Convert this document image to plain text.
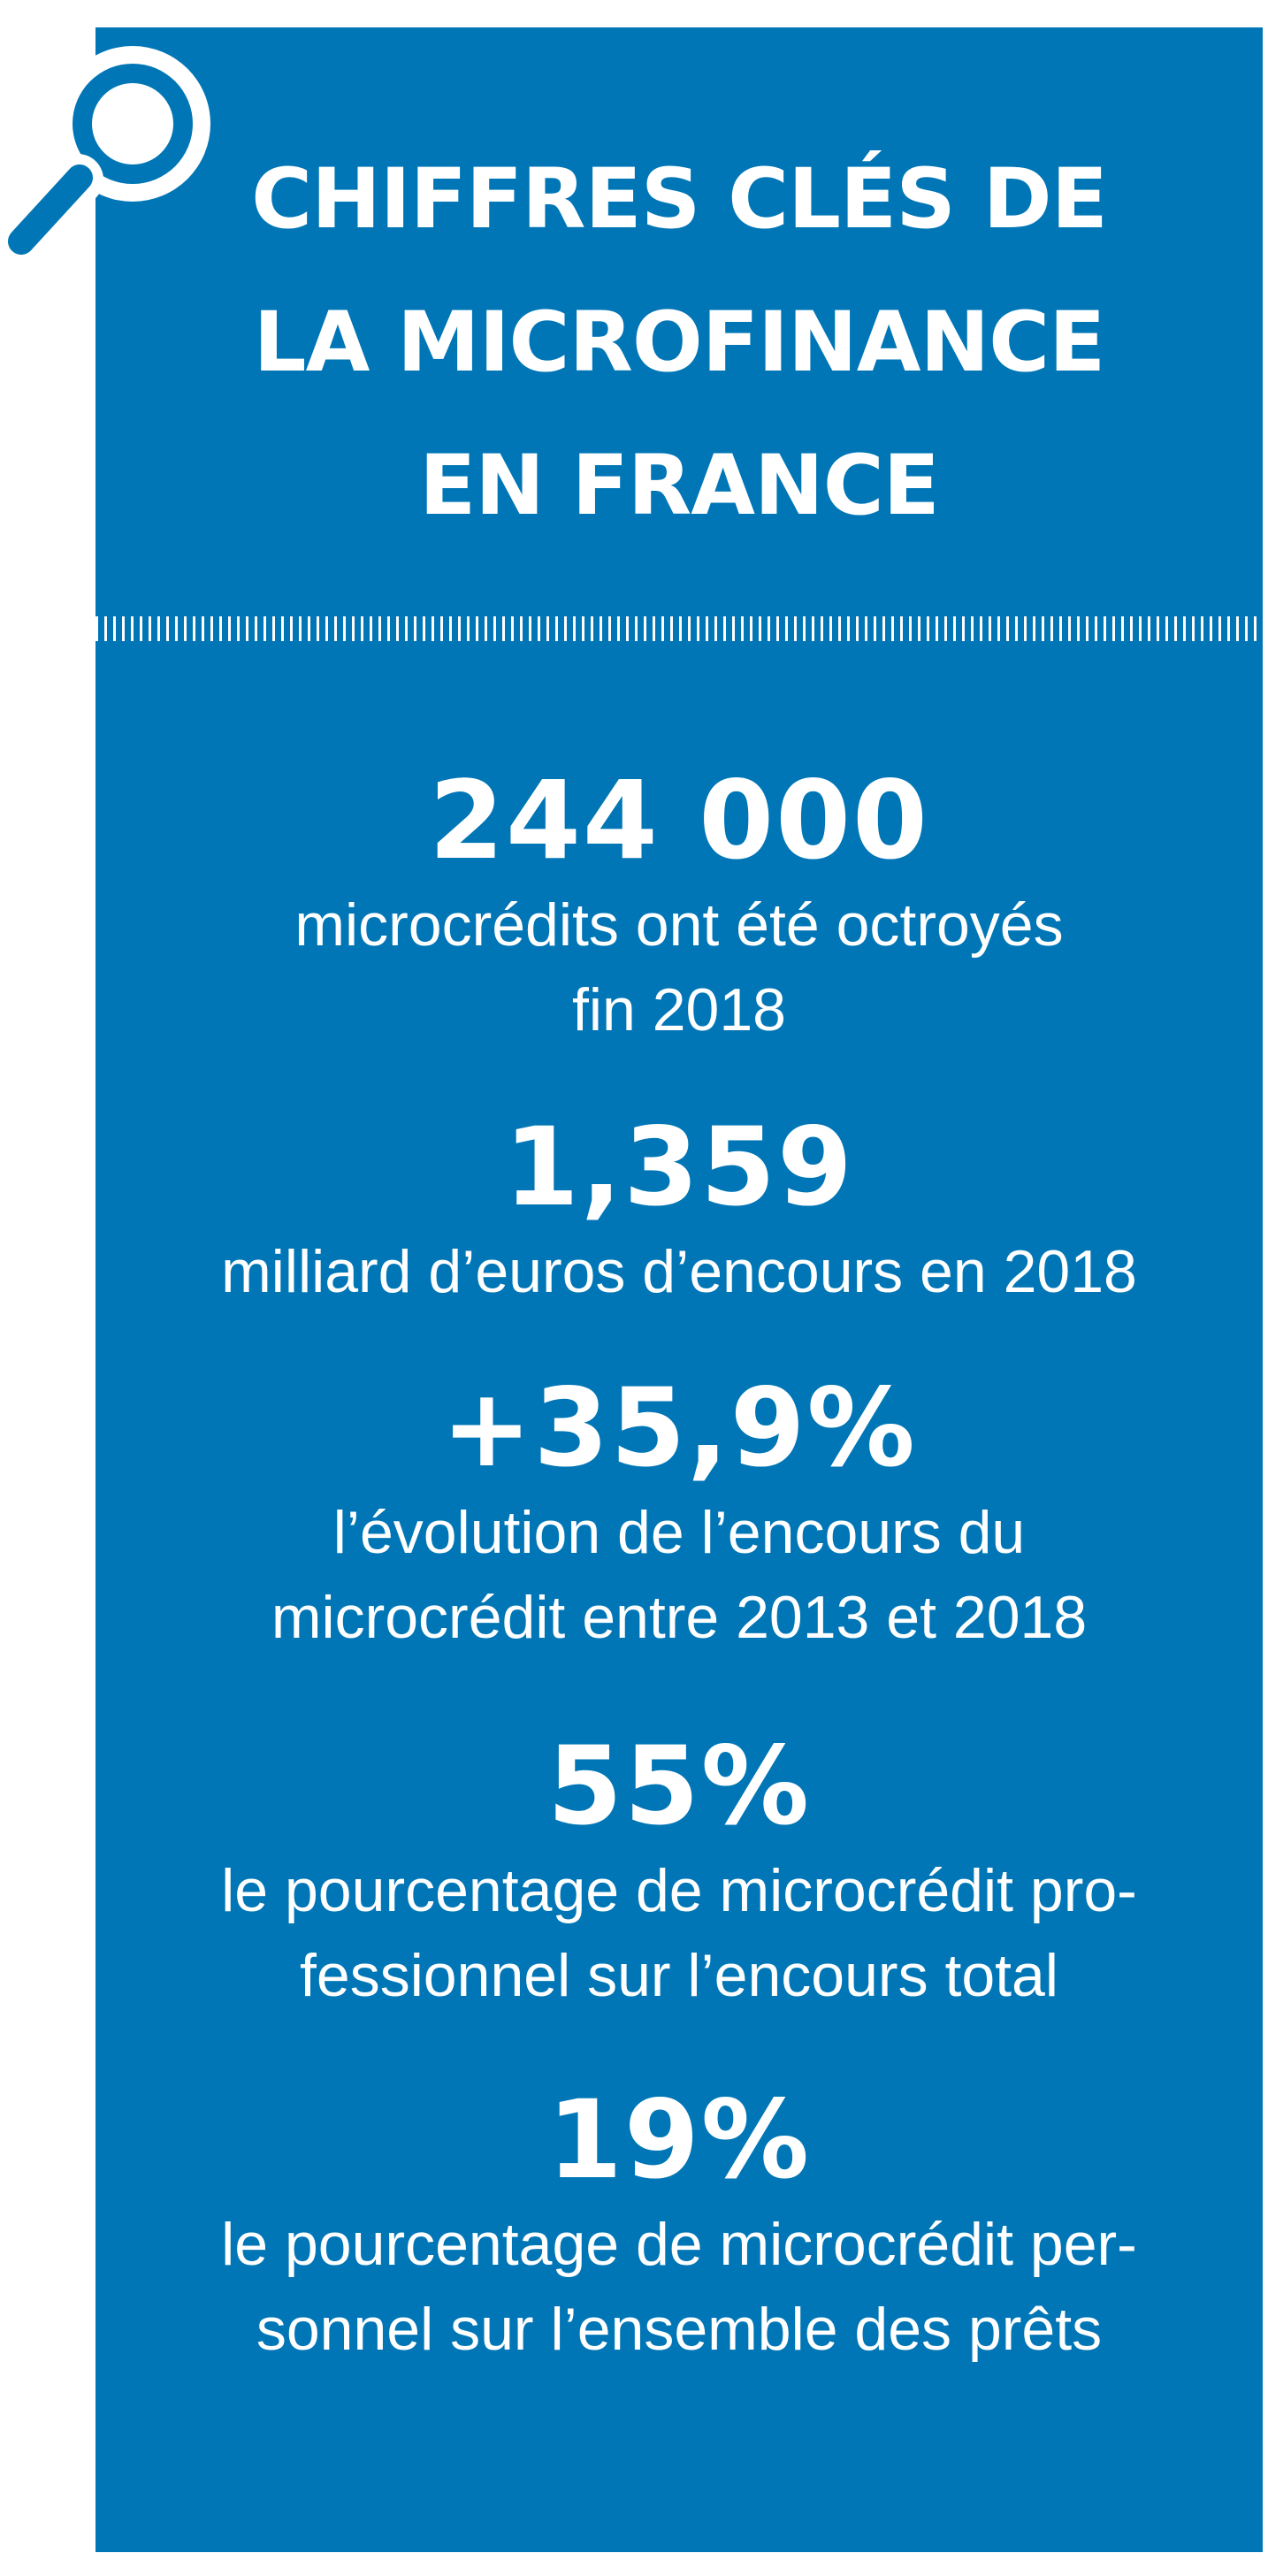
CHIFFRES CLÉS DE
LA MICROFINANCE
EN FRANCE
244 000
microcrédits ont été octroyés
fin 2018
1,359
milliard d’euros d’encours en 2018
+35,9%
l’évolution de l’encours du
microcrédit entre 2013 et 2018
55%
le pourcentage de microcrédit pro-
fessionnel sur l’encours total
19%
le pourcentage de microcrédit per-
sonnel sur l’ensemble des prêts
